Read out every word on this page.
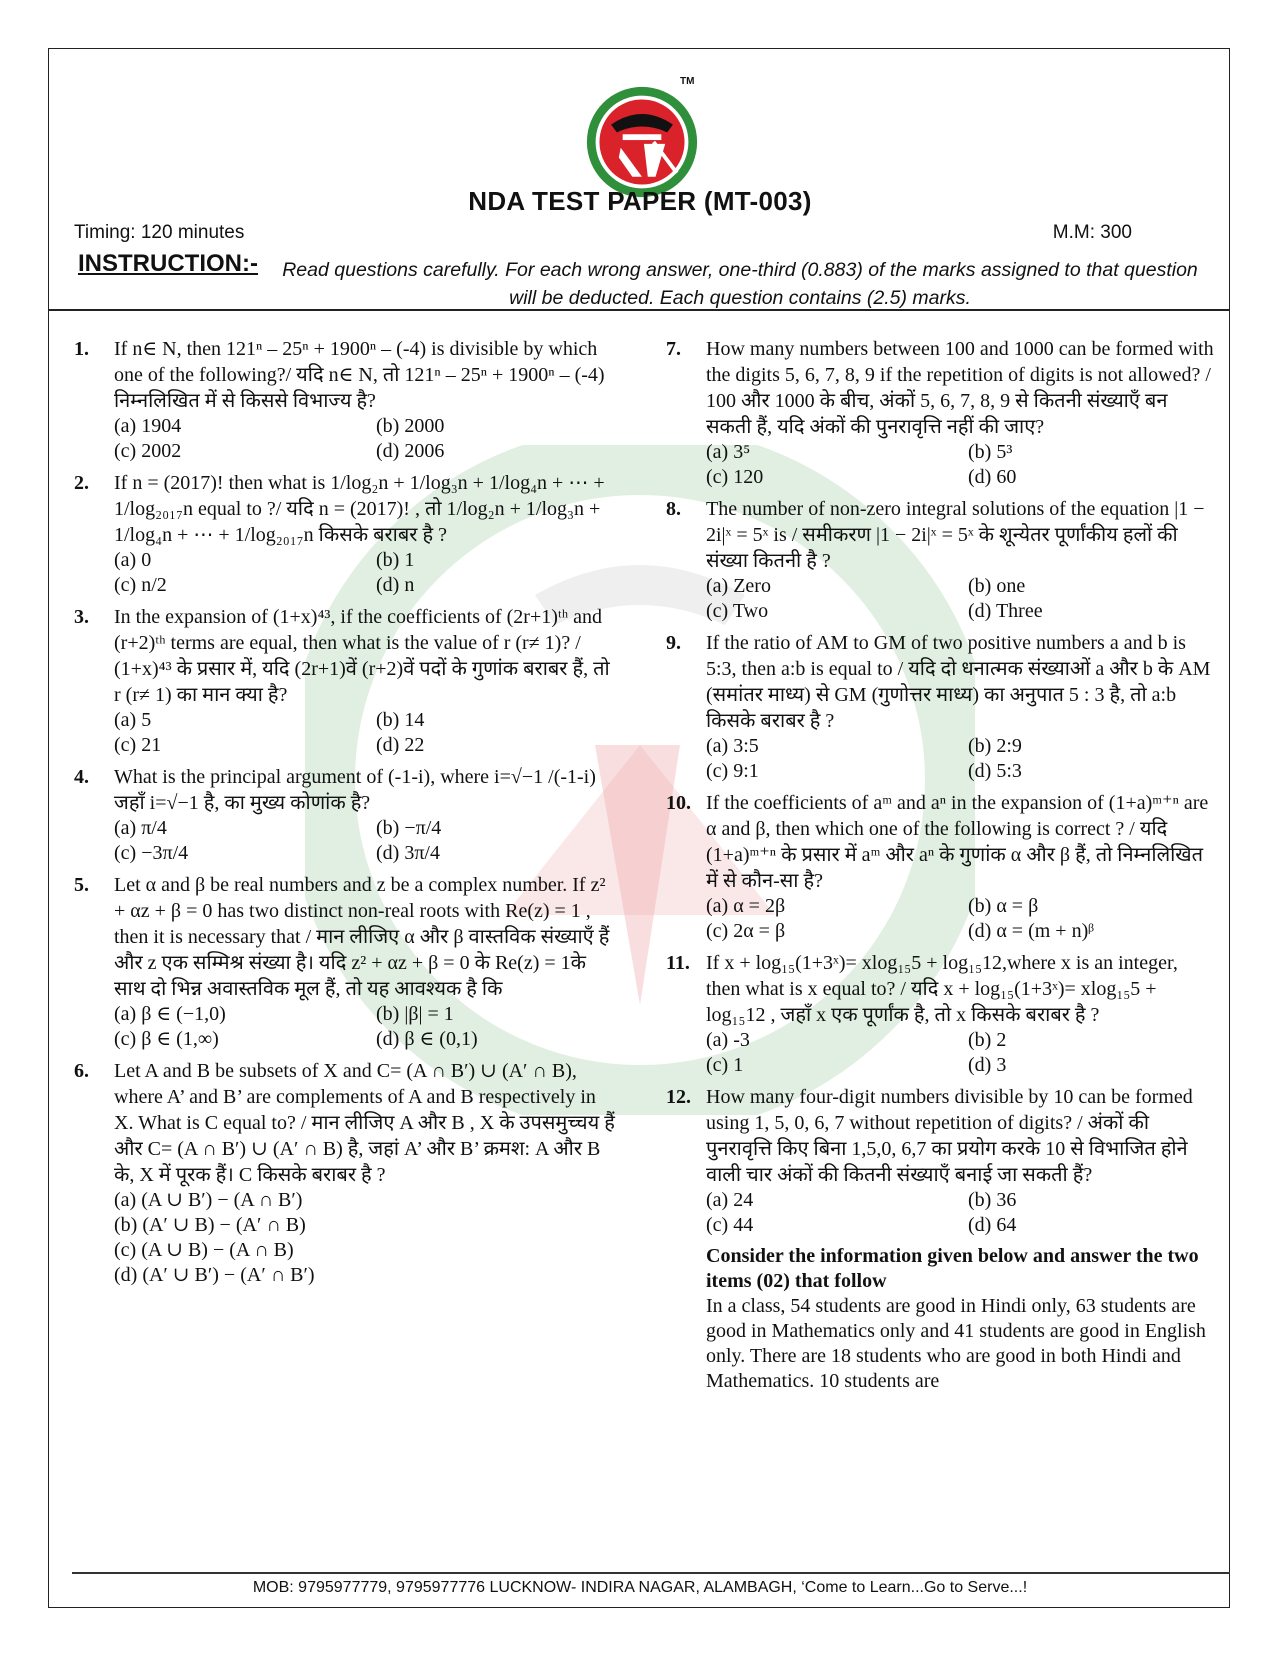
TM
NDA TEST PAPER (MT-003)
Timing: 120 minutes	M.M: 300
INSTRUCTION:- Read questions carefully. For each wrong answer, one-third (0.883) of the marks assigned to that question will be deducted. Each question contains (2.5) marks.
1. If n∈ N, then 121ⁿ – 25ⁿ + 1900ⁿ – (-4) is divisible by which one of the following?/ यदि n∈ N, तो 121ⁿ – 25ⁿ + 1900ⁿ – (-4) निम्नलिखित में से किससे विभाज्य है?
(a) 1904	(b) 2000
(c) 2002	(d) 2006
2. If n = (2017)! then what is 1/log₂n + 1/log₃n + 1/log₄n + ⋯ + 1/log₂₀₁₇n equal to ?/ यदि n = (2017)! , तो 1/log₂n + 1/log₃n + 1/log₄n + ⋯ + 1/log₂₀₁₇n किसके बराबर है ?
(a) 0	(b) 1
(c) n/2	(d) n
3. In the expansion of (1+x)⁴³, if the coefficients of (2r+1)ᵗʰ and (r+2)ᵗʰ terms are equal, then what is the value of r (r≠ 1)? / (1+x)⁴³ के प्रसार में, यदि (2r+1)वें (r+2)वें पदों के गुणांक बराबर हैं, तो r (r≠ 1) का मान क्या है?
(a) 5	(b) 14
(c) 21	(d) 22
4. What is the principal argument of (-1-i), where i=√−1 /(-1-i) जहाँ i=√−1 है, का मुख्य कोणांक है?
(a) π/4	(b) −π/4
(c) −3π/4	(d) 3π/4
5. Let α and β be real numbers and z be a complex number. If z² + αz + β = 0 has two distinct non-real roots with Re(z) = 1 , then it is necessary that / मान लीजिए α और β वास्तविक संख्याएँ हैं और z एक सम्मिश्र संख्या है। यदि z² + αz + β = 0 के Re(z) = 1के साथ दो भिन्न अवास्तविक मूल हैं, तो यह आवश्यक है कि
(a) β ∈ (−1,0)	(b) |β| = 1
(c) β ∈ (1,∞)	(d) β ∈ (0,1)
6. Let A and B be subsets of X and C= (A ∩ B′) ∪ (A′ ∩ B), where A’ and B’ are complements of A and B respectively in X. What is C equal to? / मान लीजिए A और B , X के उपसमुच्चय हैं और C= (A ∩ B′) ∪ (A′ ∩ B) है, जहां A’ और B’ क्रमश: A और B के, X में पूरक हैं। C किसके बराबर है ?
(a) (A ∪ B′) − (A ∩ B′)
(b) (A′ ∪ B) − (A′ ∩ B)
(c) (A ∪ B) − (A ∩ B)
(d) (A′ ∪ B′) − (A′ ∩ B′)
7. How many numbers between 100 and 1000 can be formed with the digits 5, 6, 7, 8, 9 if the repetition of digits is not allowed? / 100 और 1000 के बीच, अंकों 5, 6, 7, 8, 9 से कितनी संख्याएँ बन सकती हैं, यदि अंकों की पुनरावृत्ति नहीं की जाए?
(a) 3⁵	(b) 5³
(c) 120	(d) 60
8. The number of non-zero integral solutions of the equation |1 − 2i|ˣ = 5ˣ is / समीकरण |1 − 2i|ˣ = 5ˣ के शून्येतर पूर्णांकीय हलों की संख्या कितनी है ?
(a) Zero	(b) one
(c) Two	(d) Three
9. If the ratio of AM to GM of two positive numbers a and b is 5:3, then a:b is equal to / यदि दो धनात्मक संख्याओं a और b के AM (समांतर माध्य) से GM (गुणोत्तर माध्य) का अनुपात 5 : 3 है, तो a:b किसके बराबर है ?
(a) 3:5	(b) 2:9
(c) 9:1	(d) 5:3
10. If the coefficients of aᵐ and aⁿ in the expansion of (1+a)ᵐ⁺ⁿ are α and β, then which one of the following is correct ? / यदि (1+a)ᵐ⁺ⁿ के प्रसार में aᵐ और aⁿ के गुणांक α और β हैं, तो निम्नलिखित में से कौन-सा है?
(a) α = 2β	(b) α = β
(c) 2α = β	(d) α = (m + n)ᵝ
11. If x + log₁₅(1+3ˣ)= xlog₁₅5 + log₁₅12,where x is an integer, then what is x equal to? / यदि x + log₁₅(1+3ˣ)= xlog₁₅5 + log₁₅12 , जहाँ x एक पूर्णांक है, तो x किसके बराबर है ?
(a) -3	(b) 2
(c) 1	(d) 3
12. How many four-digit numbers divisible by 10 can be formed using 1, 5, 0, 6, 7 without repetition of digits? / अंकों की पुनरावृत्ति किए बिना 1,5,0, 6,7 का प्रयोग करके 10 से विभाजित होने वाली चार अंकों की कितनी संख्याएँ बनाई जा सकती हैं?
(a) 24	(b) 36
(c) 44	(d) 64
Consider the information given below and answer the two items (02) that follow
In a class, 54 students are good in Hindi only, 63 students are good in Mathematics only and 41 students are good in English only. There are 18 students who are good in both Hindi and Mathematics. 10 students are
MOB: 9795977779, 9795977776 LUCKNOW- INDIRA NAGAR, ALAMBAGH, ‘Come to Learn...Go to Serve...!
